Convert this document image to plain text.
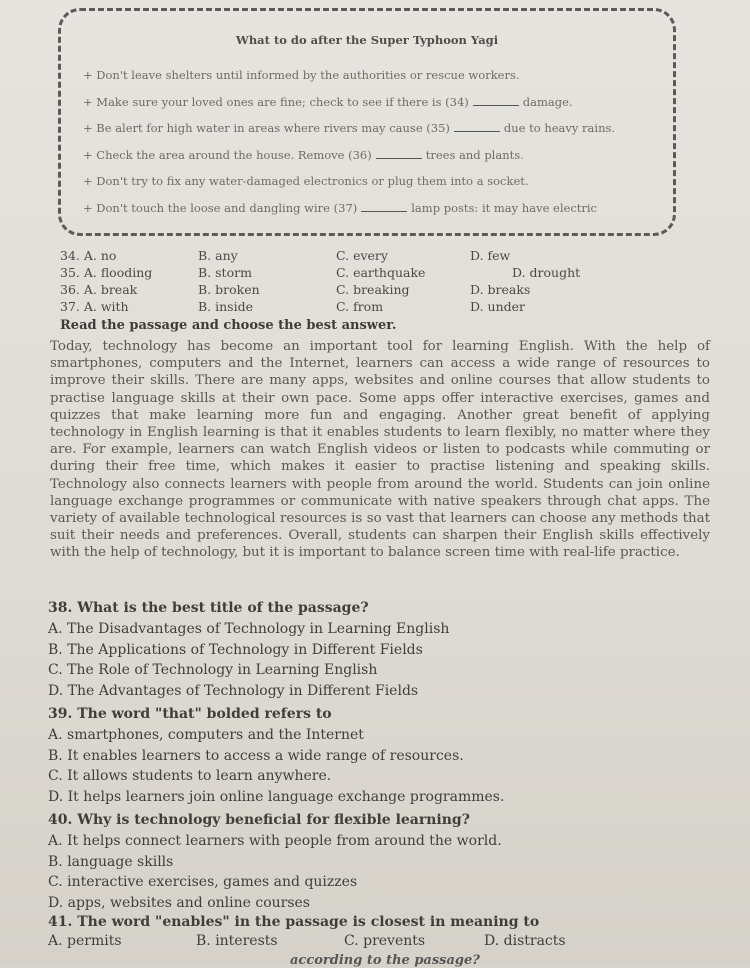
What to do after the Super Typhoon Yagi
+ Don't leave shelters until informed by the authorities or rescue workers.
+ Make sure your loved ones are fine; check to see if there is (34)	damage.
+ Be alert for high water in areas where rivers may cause (35)	due to heavy rains.
+ Check the area around the house. Remove (36)	trees and plants.
+ Don't try to fix any water-damaged electronics or plug them into a socket.
+ Don't touch the loose and dangling wire (37)	lamp posts: it may have electric
34. A. no	B. any	C. every	D. few
35. A. flooding	B. storm	C. earthquake	D. drought
36. A. break	B. broken	C. breaking	D. breaks
37. A. with	B. inside	C. from	D. under
Read the passage and choose the best answer.
Today, technology has become an important tool for learning English. With the help of smartphones, computers and the Internet, learners can access a wide range of resources to improve their skills. There are many apps, websites and online courses that allow students to practise language skills at their own pace. Some apps offer interactive exercises, games and quizzes that make learning more fun and engaging. Another great benefit of applying technology in English learning is that it enables students to learn flexibly, no matter where they are. For example, learners can watch English videos or listen to podcasts while commuting or during their free time, which makes it easier to practise listening and speaking skills. Technology also connects learners with people from around the world. Students can join online language exchange programmes or communicate with native speakers through chat apps. The variety of available technological resources is so vast that learners can choose any methods that suit their needs and preferences. Overall, students can sharpen their English skills effectively with the help of technology, but it is important to balance screen time with real-life practice.
38. What is the best title of the passage?
A. The Disadvantages of Technology in Learning English
B. The Applications of Technology in Different Fields
C. The Role of Technology in Learning English
D. The Advantages of Technology in Different Fields
39. The word "that" bolded refers to
A. smartphones, computers and the Internet
B. It enables learners to access a wide range of resources.
C. It allows students to learn anywhere.
D. It helps learners join online language exchange programmes.
40. Why is technology beneficial for flexible learning?
A. It helps connect learners with people from around the world.
B. language skills
C. interactive exercises, games and quizzes
D. apps, websites and online courses
41. The word "enables" in the passage is closest in meaning to
A. permits	B. interests	C. prevents	D. distracts
according to the passage?
